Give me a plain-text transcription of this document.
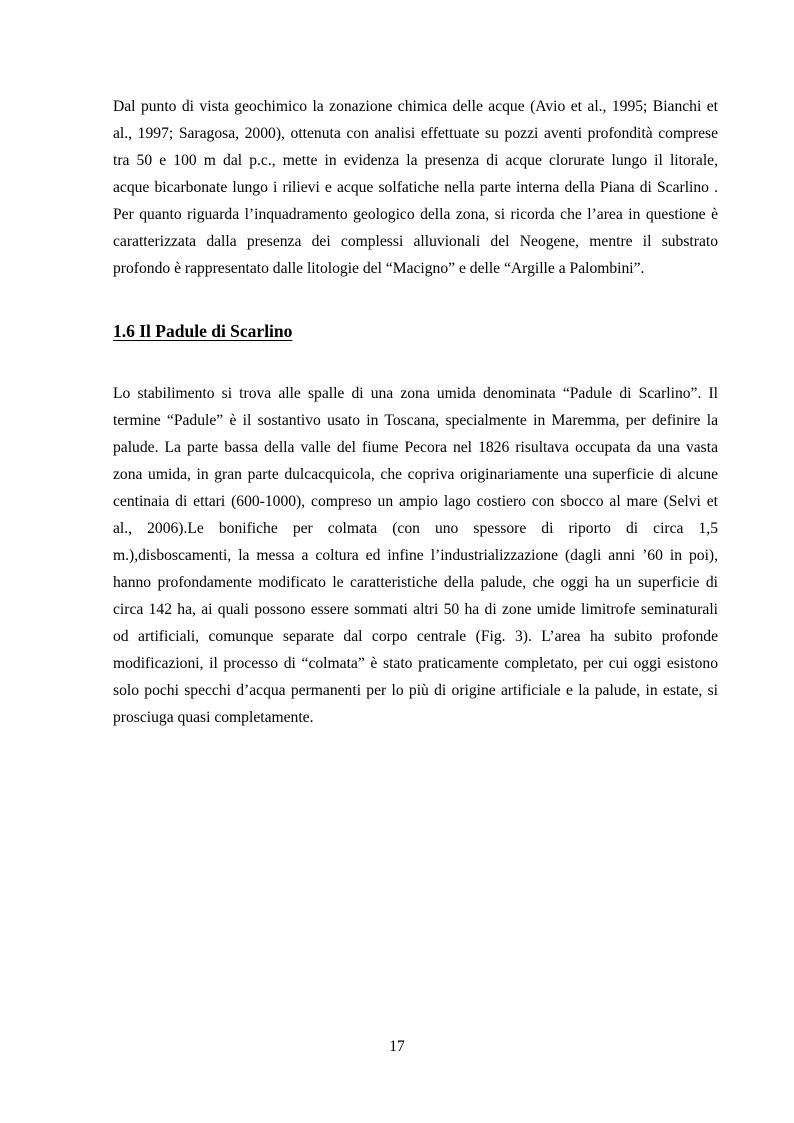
Dal punto di vista geochimico la zonazione chimica delle acque (Avio et al., 1995; Bianchi et
al., 1997; Saragosa, 2000), ottenuta con analisi effettuate su pozzi aventi profondità comprese
tra 50 e 100 m dal p.c., mette in evidenza la presenza di acque clorurate lungo il litorale,
acque bicarbonate lungo i rilievi e acque solfatiche nella parte interna della Piana di Scarlino .
Per quanto riguarda l’inquadramento geologico della zona, si ricorda che l’area in questione è
caratterizzata dalla presenza dei complessi alluvionali del Neogene, mentre il substrato
profondo è rappresentato dalle litologie del “Macigno” e delle “Argille a Palombini”.
1.6 Il Padule di Scarlino
Lo stabilimento si trova alle spalle di una zona umida denominata “Padule di Scarlino”. Il
termine “Padule” è il sostantivo usato in Toscana, specialmente in Maremma, per definire la
palude. La parte bassa della valle del fiume Pecora nel 1826 risultava occupata da una vasta
zona umida, in gran parte dulcacquicola, che copriva originariamente una superficie di alcune
centinaia di ettari (600-1000), compreso un ampio lago costiero con sbocco al mare (Selvi et
al., 2006).Le bonifiche per colmata (con uno spessore di riporto di circa 1,5
m.),disboscamenti, la messa a coltura ed infine l’industrializzazione (dagli anni ’60 in poi),
hanno profondamente modificato le caratteristiche della palude, che oggi ha un superficie di
circa 142 ha, ai quali possono essere sommati altri 50 ha di zone umide limitrofe seminaturali
od artificiali, comunque separate dal corpo centrale (Fig. 3). L’area ha subito profonde
modificazioni, il processo di “colmata” è stato praticamente completato, per cui oggi esistono
solo pochi specchi d’acqua permanenti per lo più di origine artificiale e la palude, in estate, si
prosciuga quasi completamente.
17
